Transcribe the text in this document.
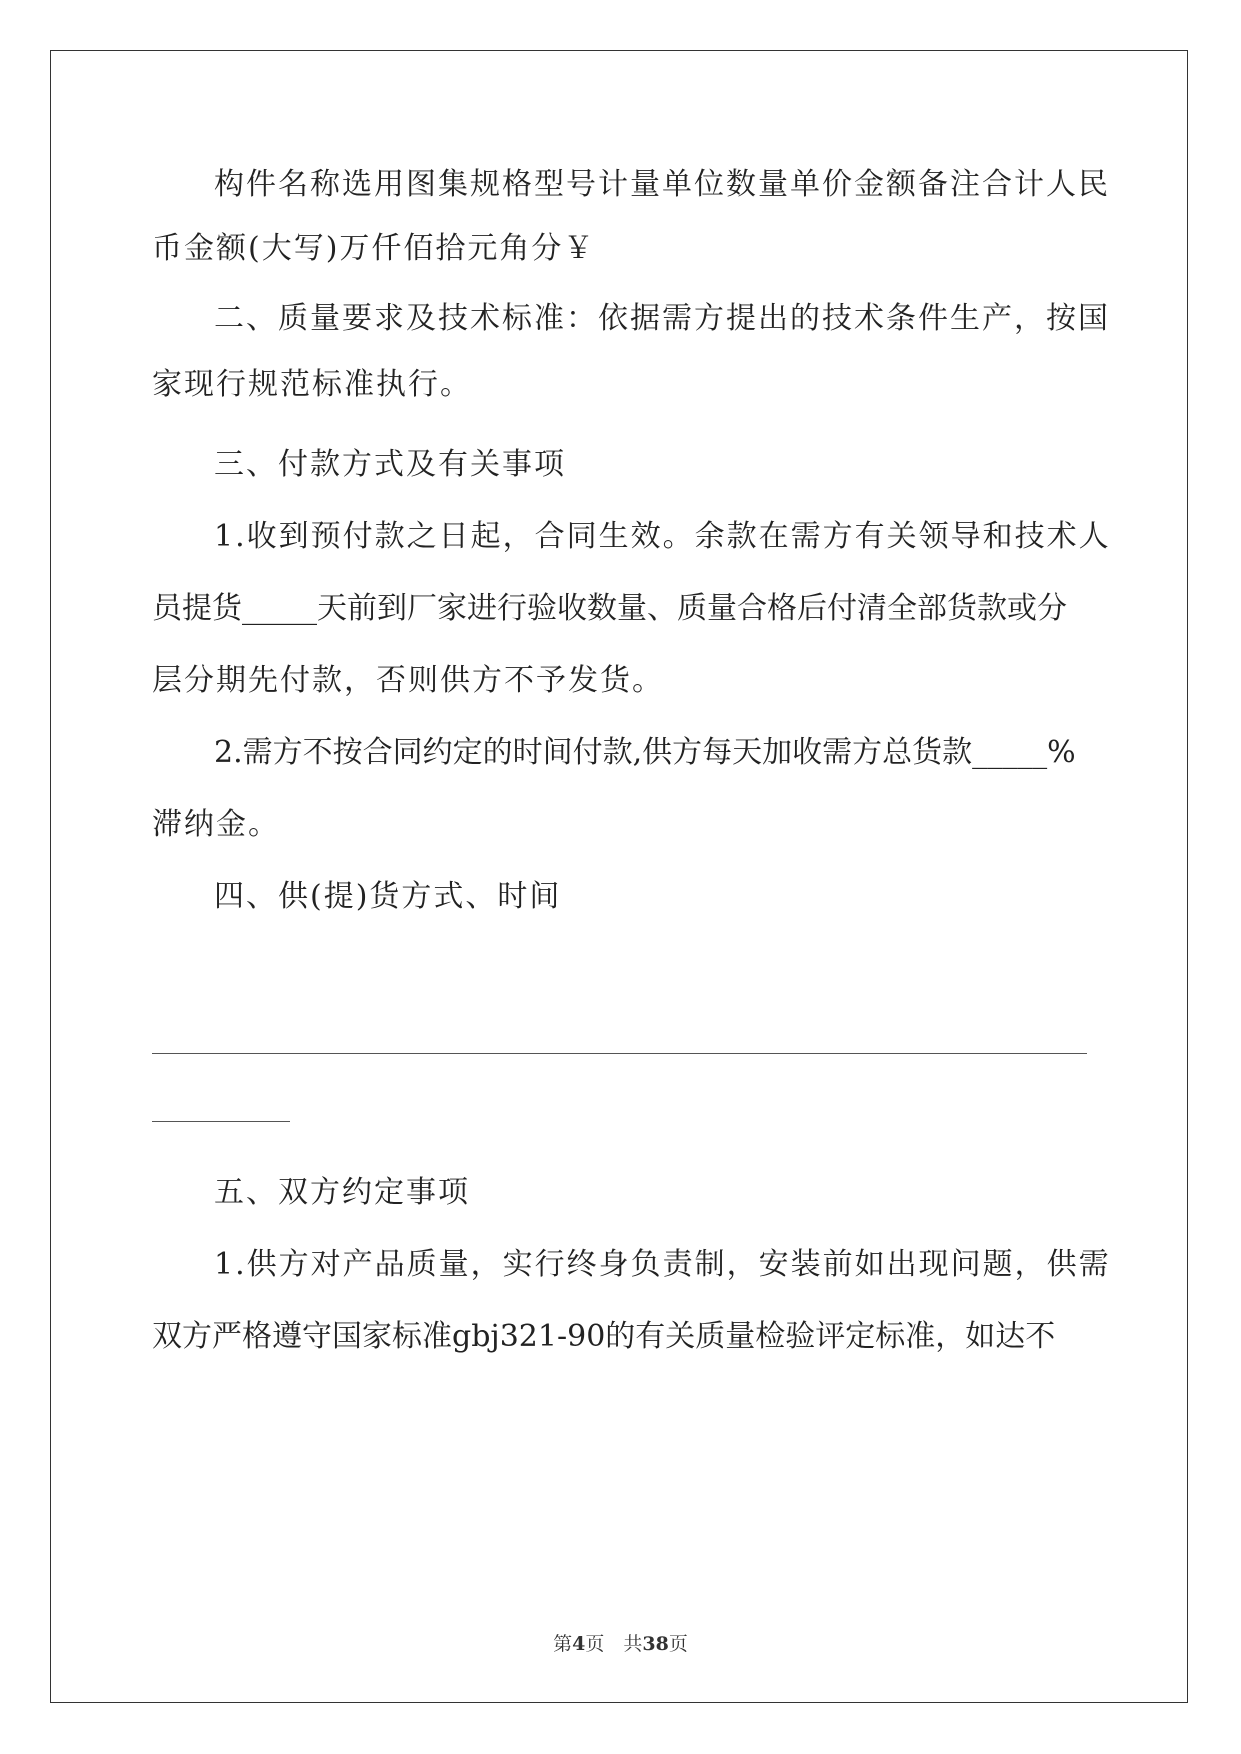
构件名称选用图集规格型号计量单位数量单价金额备注合计人民
币金额(大写)万仟佰拾元角分￥
二、质量要求及技术标准：依据需方提出的技术条件生产，按国
家现行规范标准执行。
三、付款方式及有关事项
1.收到预付款之日起，合同生效。余款在需方有关领导和技术人
员提货_____天前到厂家进行验收数量、质量合格后付清全部货款或分
层分期先付款，否则供方不予发货。
2.需方不按合同约定的时间付款,供方每天加收需方总货款_____%
滞纳金。
四、供(提)货方式、时间
五、双方约定事项
1.供方对产品质量，实行终身负责制，安装前如出现问题，供需
双方严格遵守国家标准gbj321-90的有关质量检验评定标准，如达不
第4页　共38页
